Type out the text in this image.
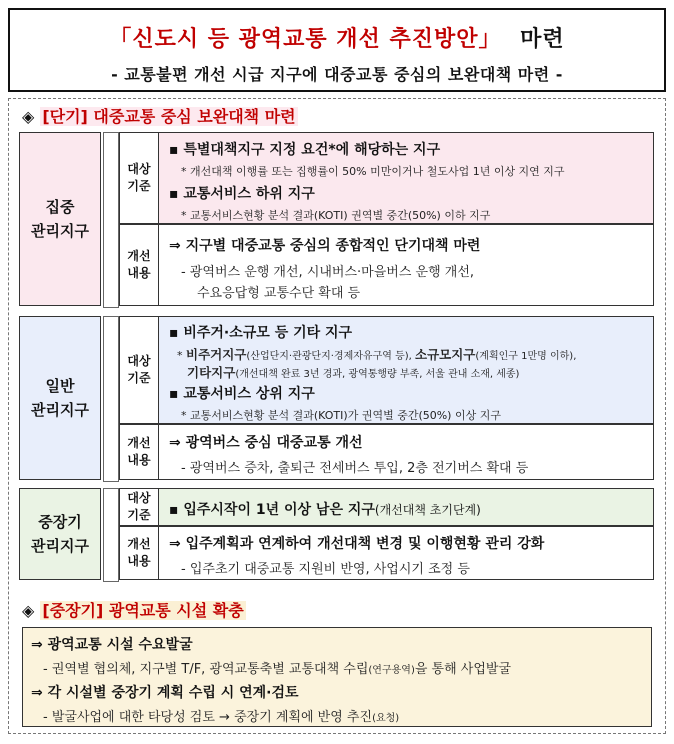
「신도시 등 광역교통 개선 추진방안」 마련
- 교통불편 개선 시급 지구에 대중교통 중심의 보완대책 마련 -
◈ [단기] 대중교통 중심 보완대책 마련
집중
관리지구
대상
기준
▪ 특별대책지구 지정 요건*에 해당하는 지구
* 개선대책 이행률 또는 집행률이 50% 미만이거나 철도사업 1년 이상 지연 지구
▪ 교통서비스 하위 지구
* 교통서비스현황 분석 결과(KOTI) 권역별 중간(50%) 이하 지구
개선
내용
⇒ 지구별 대중교통 중심의 종합적인 단기대책 마련
- 광역버스 운행 개선, 시내버스·마을버스 운행 개선,
수요응답형 교통수단 확대 등
일반
관리지구
대상
기준
▪ 비주거·소규모 등 기타 지구
* 비주거지구(산업단지·관광단지·경제자유구역 등), 소규모지구(계획인구 1만명 이하),
기타지구(개선대책 완료 3년 경과, 광역통행량 부족, 서울 관내 소재, 세종)
▪ 교통서비스 상위 지구
* 교통서비스현황 분석 결과(KOTI)가 권역별 중간(50%) 이상 지구
개선
내용
⇒ 광역버스 중심 대중교통 개선
- 광역버스 증차, 출퇴근 전세버스 투입, 2층 전기버스 확대 등
중장기
관리지구
대상
기준 ▪ 입주시작이 1년 이상 남은 지구(개선대책 초기단계)
개선
내용
⇒ 입주계획과 연계하여 개선대책 변경 및 이행현황 관리 강화
- 입주초기 대중교통 지원비 반영, 사업시기 조정 등
◈ [중장기] 광역교통 시설 확충
⇒ 광역교통 시설 수요발굴
- 권역별 협의체, 지구별 T/F, 광역교통축별 교통대책 수립(연구용역)을 통해 사업발굴
⇒ 각 시설별 중장기 계획 수립 시 연계·검토
- 발굴사업에 대한 타당성 검토 → 중장기 계획에 반영 추진(요청)
